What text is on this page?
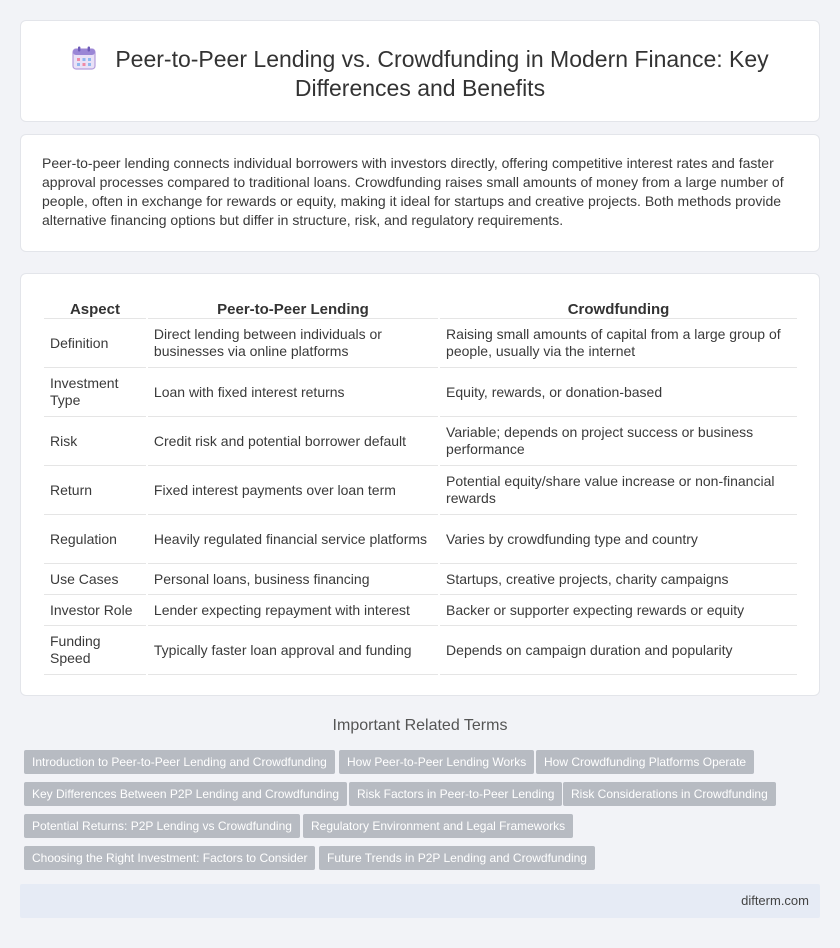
Peer-to-Peer Lending vs. Crowdfunding in Modern Finance: Key Differences and Benefits

Peer-to-peer lending connects individual borrowers with investors directly, offering competitive interest rates and faster approval processes compared to traditional loans. Crowdfunding raises small amounts of money from a large number of people, often in exchange for rewards or equity, making it ideal for startups and creative projects. Both methods provide alternative financing options but differ in structure, risk, and regulatory requirements.

Aspect	Peer-to-Peer Lending	Crowdfunding
Definition	Direct lending between individuals or businesses via online platforms	Raising small amounts of capital from a large group of people, usually via the internet
Investment Type	Loan with fixed interest returns	Equity, rewards, or donation-based
Risk	Credit risk and potential borrower default	Variable; depends on project success or business performance
Return	Fixed interest payments over loan term	Potential equity/share value increase or non-financial rewards
Regulation	Heavily regulated financial service platforms	Varies by crowdfunding type and country
Use Cases	Personal loans, business financing	Startups, creative projects, charity campaigns
Investor Role	Lender expecting repayment with interest	Backer or supporter expecting rewards or equity
Funding Speed	Typically faster loan approval and funding	Depends on campaign duration and popularity
Important Related Terms
Introduction to Peer-to-Peer Lending and Crowdfunding	How Peer-to-Peer Lending Works	How Crowdfunding Platforms Operate
Key Differences Between P2P Lending and Crowdfunding	Risk Factors in Peer-to-Peer Lending	Risk Considerations in Crowdfunding
Potential Returns: P2P Lending vs Crowdfunding	Regulatory Environment and Legal Frameworks
Choosing the Right Investment: Factors to Consider	Future Trends in P2P Lending and Crowdfunding
difterm.com
